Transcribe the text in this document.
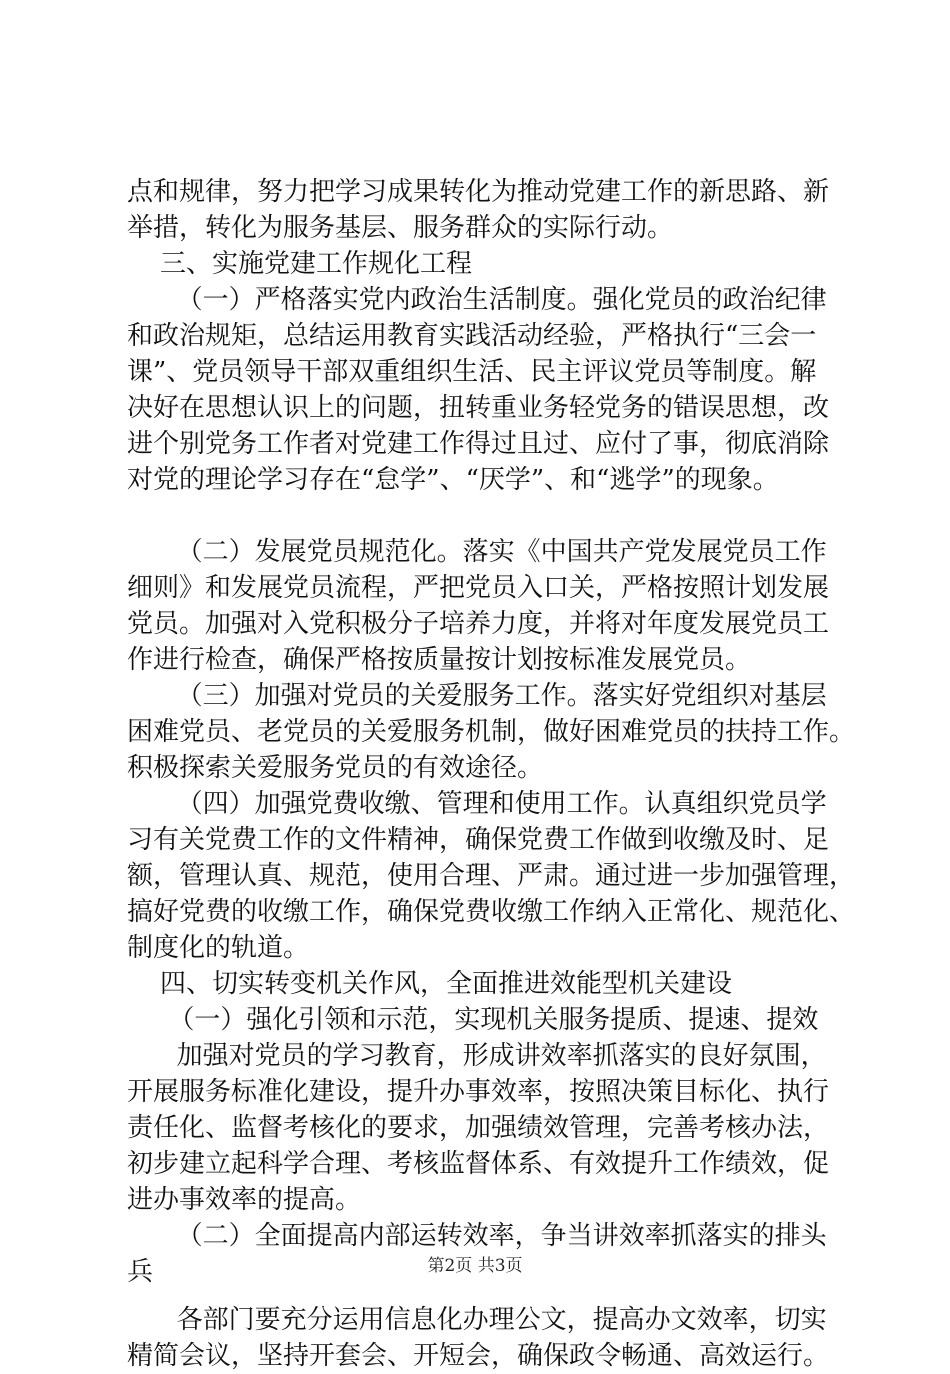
点和规律，努力把学习成果转化为推动党建工作的新思路、新
举措，转化为服务基层、服务群众的实际行动。
三、实施党建工作规化工程
（一）严格落实党内政治生活制度。强化党员的政治纪律
和政治规矩，总结运用教育实践活动经验，严格执行“三会一
课”、党员领导干部双重组织生活、民主评议党员等制度。解
决好在思想认识上的问题，扭转重业务轻党务的错误思想，改
进个别党务工作者对党建工作得过且过、应付了事，彻底消除
对党的理论学习存在“怠学”、“厌学”、和“逃学”的现象。
（二）发展党员规范化。落实《中国共产党发展党员工作
细则》和发展党员流程，严把党员入口关，严格按照计划发展
党员。加强对入党积极分子培养力度，并将对年度发展党员工
作进行检查，确保严格按质量按计划按标准发展党员。
（三）加强对党员的关爱服务工作。落实好党组织对基层
困难党员、老党员的关爱服务机制，做好困难党员的扶持工作。
积极探索关爱服务党员的有效途径。
（四）加强党费收缴、管理和使用工作。认真组织党员学
习有关党费工作的文件精神，确保党费工作做到收缴及时、足
额，管理认真、规范，使用合理、严肃。通过进一步加强管理，
搞好党费的收缴工作，确保党费收缴工作纳入正常化、规范化、
制度化的轨道。
四、切实转变机关作风，全面推进效能型机关建设
（一）强化引领和示范，实现机关服务提质、提速、提效
加强对党员的学习教育，形成讲效率抓落实的良好氛围，
开展服务标准化建设，提升办事效率，按照决策目标化、执行
责任化、监督考核化的要求，加强绩效管理，完善考核办法，
初步建立起科学合理、考核监督体系、有效提升工作绩效，促
进办事效率的提高。
（二）全面提高内部运转效率，争当讲效率抓落实的排头
兵
各部门要充分运用信息化办理公文，提高办文效率，切实
精简会议，坚持开套会、开短会，确保政令畅通、高效运行。
第2页 共3页
